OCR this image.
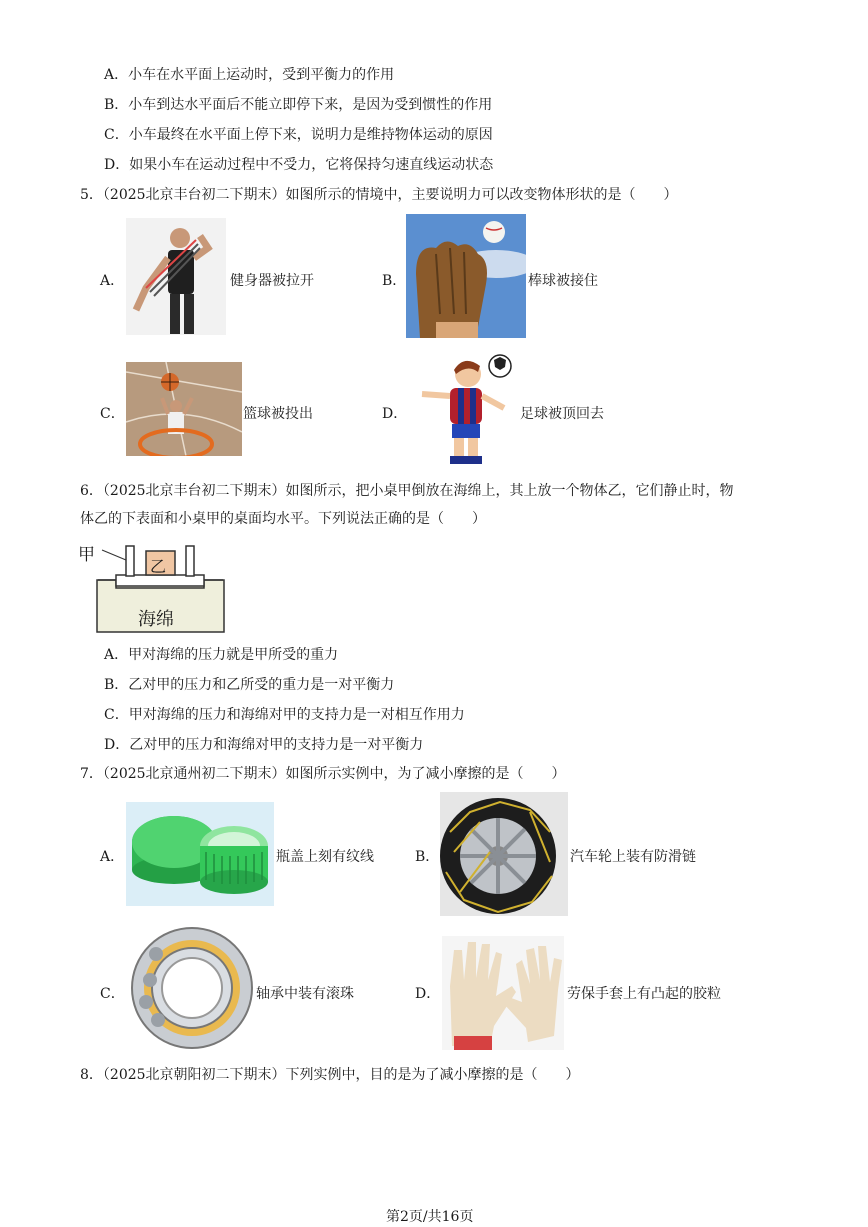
A．小车在水平面上运动时，受到平衡力的作用
B．小车到达水平面后不能立即停下来，是因为受到惯性的作用
C．小车最终在水平面上停下来，说明力是维持物体运动的原因
D．如果小车在运动过程中不受力，它将保持匀速直线运动状态
5．（2025北京丰台初二下期末）如图所示的情境中，主要说明力可以改变物体形状的是（　　）
A．	健身器被拉开	B．	棒球被接住
C．	篮球被投出	D．	足球被顶回去
6．（2025北京丰台初二下期末）如图所示，把小桌甲倒放在海绵上，其上放一个物体乙，它们静止时，物
体乙的下表面和小桌甲的桌面均水平。下列说法正确的是（　　）
甲
乙
海绵
A．甲对海绵的压力就是甲所受的重力
B．乙对甲的压力和乙所受的重力是一对平衡力
C．甲对海绵的压力和海绵对甲的支持力是一对相互作用力
D．乙对甲的压力和海绵对甲的支持力是一对平衡力
7．（2025北京通州初二下期末）如图所示实例中，为了减小摩擦的是（　　）
A．	瓶盖上刻有纹线	B．	汽车轮上装有防滑链
C．	轴承中装有滚珠	D．	劳保手套上有凸起的胶粒
8．（2025北京朝阳初二下期末）下列实例中，目的是为了减小摩擦的是（　　）
第2页/共16页
